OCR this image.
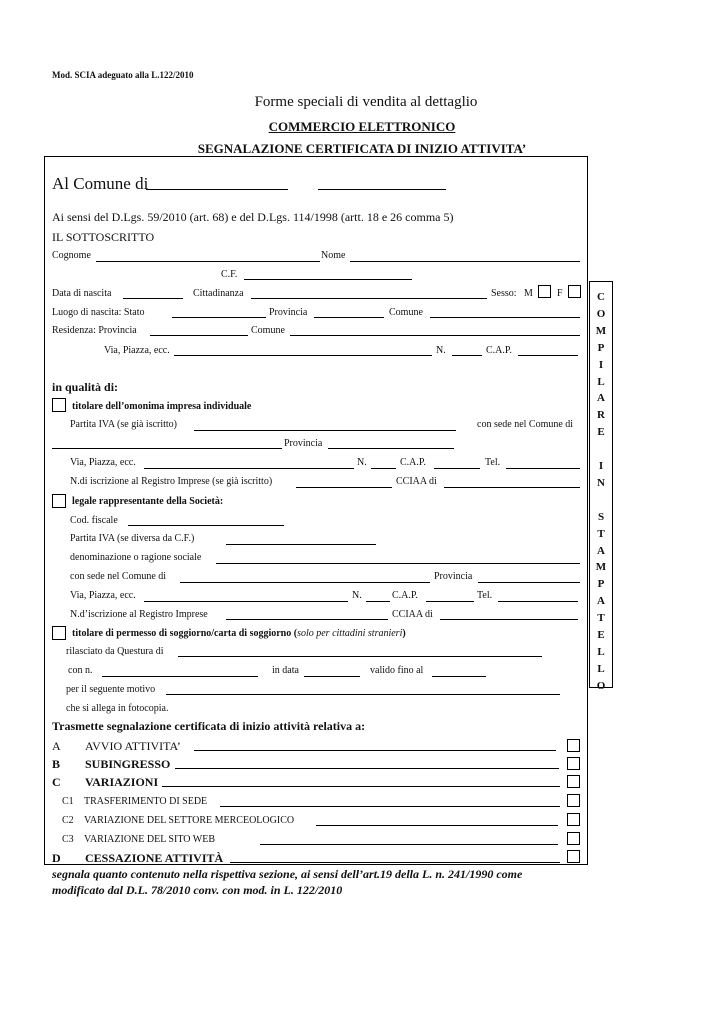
Mod. SCIA adeguato alla L.122/2010
Forme speciali di vendita al dettaglio
COMMERCIO ELETTRONICO
SEGNALAZIONE CERTIFICATA DI INIZIO ATTIVITA’
C
O
M
P
I
L
A
R
E
I
N
S
T
A
M
P
A
T
E
L
L
O
Al Comune di
Ai sensi del D.Lgs. 59/2010 (art. 68) e del D.Lgs. 114/1998 (artt. 18 e 26 comma 5)
IL SOTTOSCRITTO
Cognome	Nome
C.F.
Data di nascita	Cittadinanza	Sesso: M F
Luogo di nascita: Stato	Provincia	Comune
Residenza: Provincia	Comune
Via, Piazza, ecc.	N.	C.A.P.
in qualità di:
titolare dell’omonima impresa individuale
Partita IVA (se già iscritto)	con sede nel Comune di
Provincia
Via, Piazza, ecc.	N.	C.A.P.	Tel.
N.di iscrizione al Registro Imprese (se già iscritto)	CCIAA di
legale rappresentante della Società:
Cod. fiscale
Partita IVA (se diversa da C.F.)
denominazione o ragione sociale
con sede nel Comune di	Provincia
Via, Piazza, ecc.	N.	C.A.P.	Tel.
N.d’iscrizione al Registro Imprese	CCIAA di
titolare di permesso di soggiorno/carta di soggiorno (solo per cittadini stranieri)
rilasciato da Questura di
con n.	in data	valido fino al
per il seguente motivo
che si allega in fotocopia.
Trasmette segnalazione certificata di inizio attività relativa a:
A AVVIO ATTIVITA’
B SUBINGRESSO
C VARIAZIONI
C1 TRASFERIMENTO DI SEDE
C2 VARIAZIONE DEL SETTORE MERCEOLOGICO
C3 VARIAZIONE DEL SITO WEB
D CESSAZIONE ATTIVITÀ
segnala quanto contenuto nella rispettiva sezione, ai sensi dell’art.19 della L. n. 241/1990 come
modificato dal D.L. 78/2010 conv. con mod. in L. 122/2010
